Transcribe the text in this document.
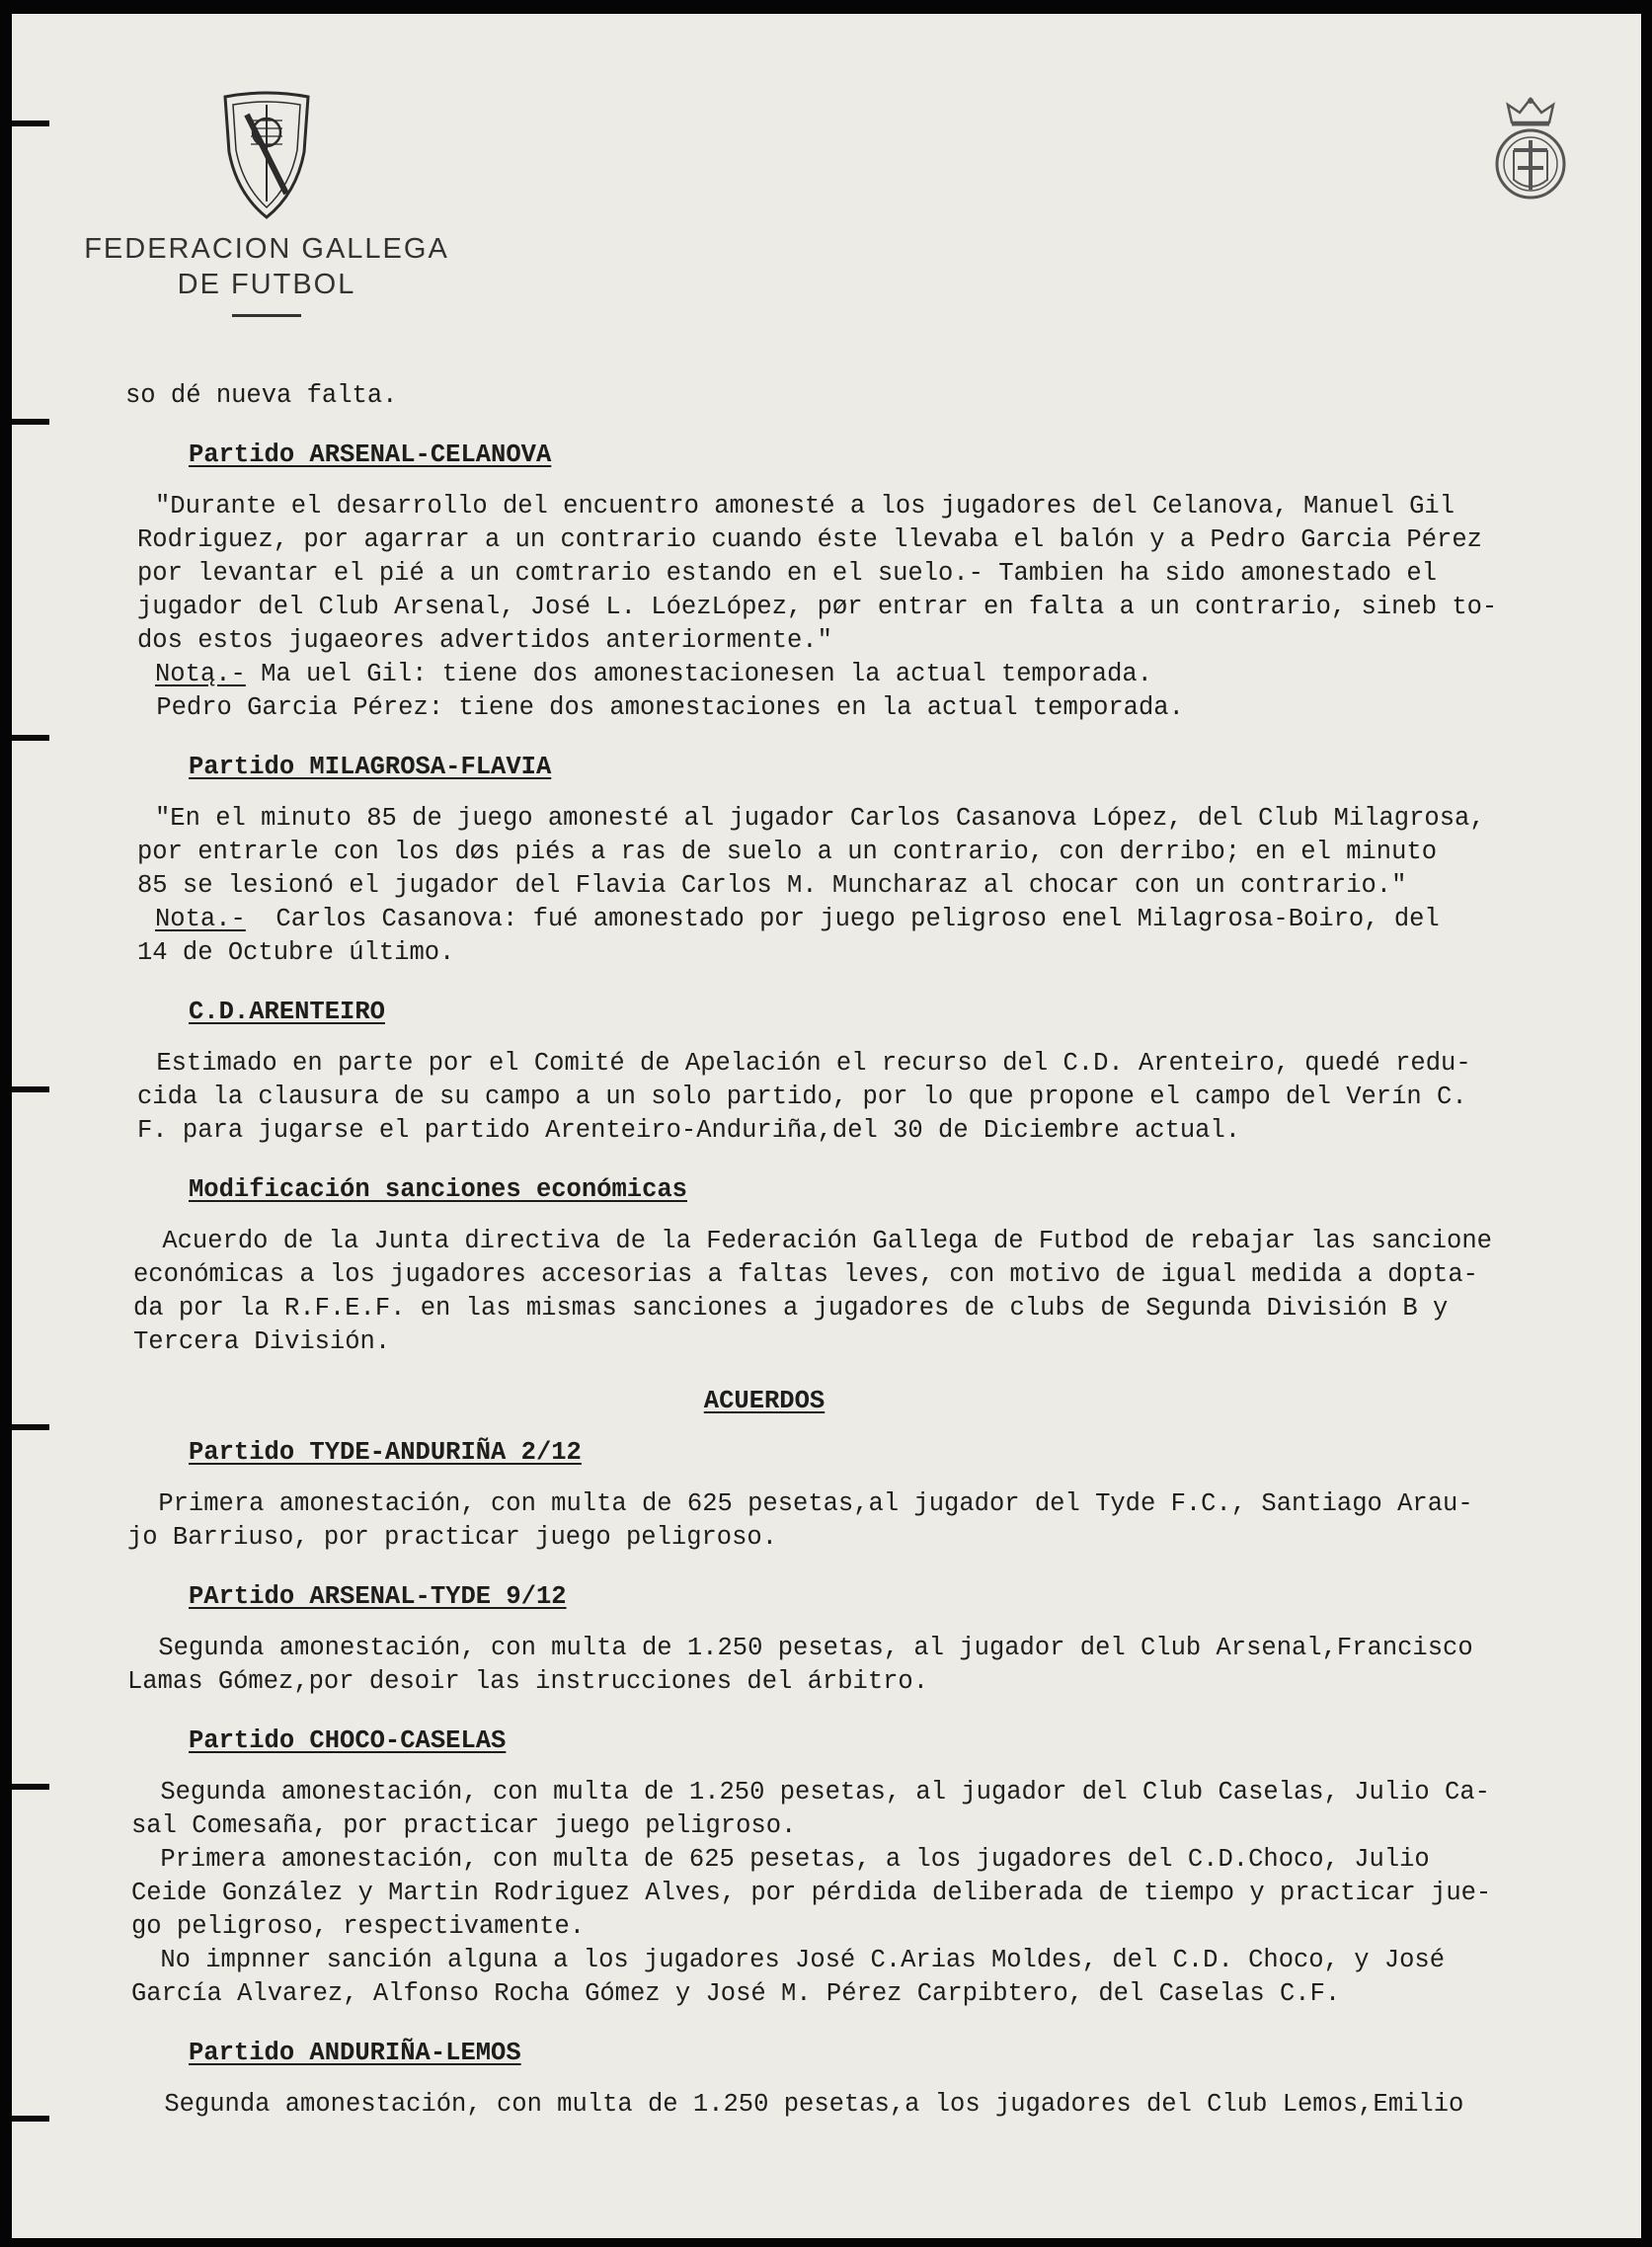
FEDERACION GALLEGA
DE FUTBOL

so dé nueva falta.

Partido ARSENAL-CELANOVA

"Durante el desarrollo del encuentro amonesté a los jugadores del Celanova, Manuel Gil

Rodriguez, por agarrar a un contrario cuando éste llevaba el balón y a Pedro Garcia Pérez

por levantar el pié a un comtrario estando en el suelo.- Tambien ha sido amonestado el

jugador del Club Arsenal, José L. LóezLópez, pør entrar en falta a un contrario, sineb to-

dos estos jugaeores advertidos anteriormente."

Notą.- Ma uel Gil: tiene dos amonestacionesen la actual temporada.

Pedro Garcia Pérez: tiene dos amonestaciones en la actual temporada.

Partido MILAGROSA-FLAVIA

"En el minuto 85 de juego amonesté al jugador Carlos Casanova López, del Club Milagrosa,

por entrarle con los døs piés a ras de suelo a un contrario, con derribo; en el minuto

85 se lesionó el jugador del Flavia Carlos M. Muncharaz al chocar con un contrario."

Nota.-  Carlos Casanova: fué amonestado por juego peligroso enel Milagrosa-Boiro, del

14 de Octubre último.

C.D.ARENTEIRO

Estimado en parte por el Comité de Apelación el recurso del C.D. Arenteiro, quedé redu-

cida la clausura de su campo a un solo partido, por lo que propone el campo del Verín C.

F. para jugarse el partido Arenteiro-Anduriña,del 30 de Diciembre actual.

Modificación sanciones económicas

Acuerdo de la Junta directiva de la Federación Gallega de Futbod de rebajar las sancione

económicas a los jugadores accesorias a faltas leves, con motivo de igual medida a dopta-

da por la R.F.E.F. en las mismas sanciones a jugadores de clubs de Segunda División B y

Tercera División.

ACUERDOS

Partido TYDE-ANDURIÑA 2/12

Primera amonestación, con multa de 625 pesetas,al jugador del Tyde F.C., Santiago Arau-

jo Barriuso, por practicar juego peligroso.

PArtido ARSENAL-TYDE 9/12

Segunda amonestación, con multa de 1.250 pesetas, al jugador del Club Arsenal,Francisco

Lamas Gómez,por desoir las instrucciones del árbitro.

Partido CHOCO-CASELAS

Segunda amonestación, con multa de 1.250 pesetas, al jugador del Club Caselas, Julio Ca-

sal Comesaña, por practicar juego peligroso.

Primera amonestación, con multa de 625 pesetas, a los jugadores del C.D.Choco, Julio

Ceide González y Martin Rodriguez Alves, por pérdida deliberada de tiempo y practicar jue-

go peligroso, respectivamente.

No impnner sanción alguna a los jugadores José C.Arias Moldes, del C.D. Choco, y José

García Alvarez, Alfonso Rocha Gómez y José M. Pérez Carpibtero, del Caselas C.F.

Partido ANDURIÑA-LEMOS

Segunda amonestación, con multa de 1.250 pesetas,a los jugadores del Club Lemos,Emilio
